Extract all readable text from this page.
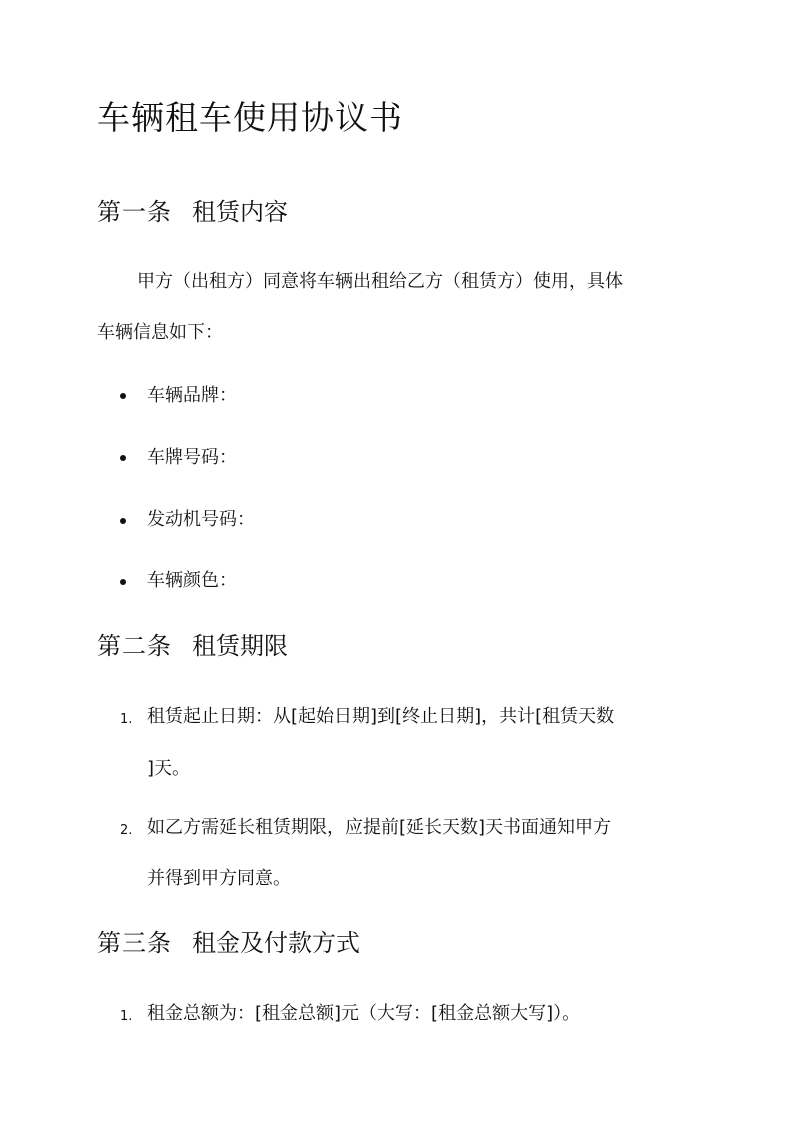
车辆租车使用协议书
第一条 租赁内容

甲方（出租方）同意将车辆出租给乙方（租赁方）使用，具体

车辆信息如下：

车辆品牌：

车牌号码：

发动机号码：

车辆颜色：

第二条 租赁期限
1. 租赁起止日期：从[起始日期]到[终止日期]，共计[租赁天数

]天。

2. 如乙方需延长租赁期限，应提前[延长天数]天书面通知甲方

并得到甲方同意。

第三条 租金及付款方式
1. 租金总额为：[租金总额]元（大写：[租金总额大写]）。
